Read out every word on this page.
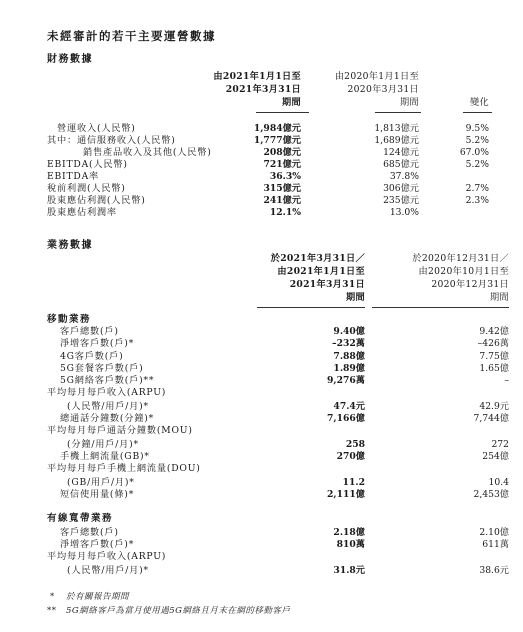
未經審計的若干主要運營數據
財務數據
由2021年1月1日至
2021年3月31日
期間
由2020年1月1日至
2020年3月31日
期間	變化
營運收入(人民幣)	1,984億元	1,813億元	9.5%
其中：通信服務收入(人民幣)	1,777億元	1,689億元	5.2%
銷售產品收入及其他(人民幣)	208億元	124億元	67.0%
EBITDA(人民幣)	721億元	685億元	5.2%
EBITDA率	36.3%	37.8%
稅前利潤(人民幣)	315億元	306億元	2.7%
股東應佔利潤(人民幣)	241億元	235億元	2.3%
股東應佔利潤率	12.1%	13.0%
業務數據
於2021年3月31日／
由2021年1月1日至
2021年3月31日
期間
於2020年12月31日／
由2020年10月1日至
2020年12月31日
期間
移動業務
客戶總數(戶)	9.40億	9.42億
淨增客戶數(戶)*	–232萬	–426萬
4G客戶數(戶)	7.88億	7.75億
5G套餐客戶數(戶)	1.89億	1.65億
5G網絡客戶數(戶)**	9,276萬	–
平均每月每戶收入(ARPU)
(人民幣/用戶/月)*	47.4元	42.9元
總通話分鐘數(分鐘)*	7,166億	7,744億
平均每月每戶通話分鐘數(MOU)
(分鐘/用戶/月)*	258	272
手機上網流量(GB)*	270億	254億
平均每月每戶手機上網流量(DOU)
(GB/用戶/月)*	11.2	10.4
短信使用量(條)*	2,111億	2,453億
有線寬帶業務
客戶總數(戶)	2.18億	2.10億
淨增客戶數(戶)*	810萬	611萬
平均每月每戶收入(ARPU)
(人民幣/用戶/月)*	31.8元	38.6元
* 於有關報告期間
** 5G網絡客戶為當月使用過5G網絡且月末在網的移動客戶
